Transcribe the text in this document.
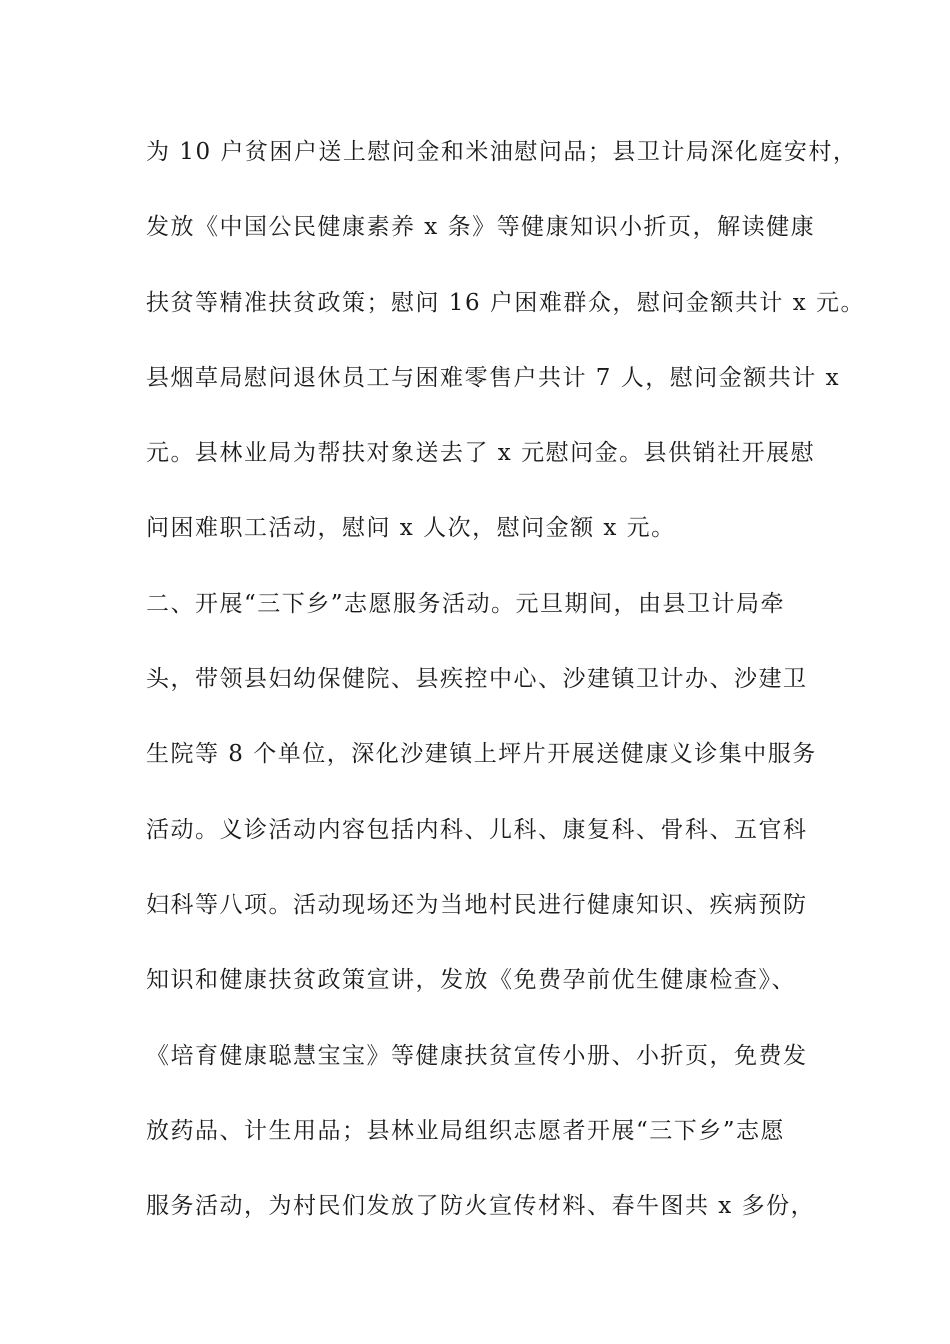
为 10 户贫困户送上慰问金和米油慰问品；县卫计局深化庭安村，
发放《中国公民健康素养 x 条》等健康知识小折页，解读健康
扶贫等精准扶贫政策；慰问 16 户困难群众，慰问金额共计 x 元。
县烟草局慰问退休员工与困难零售户共计 7 人，慰问金额共计 x
元。县林业局为帮扶对象送去了 x 元慰问金。县供销社开展慰
问困难职工活动，慰问 x 人次，慰问金额 x 元。
二、开展“三下乡”志愿服务活动。元旦期间，由县卫计局牵
头，带领县妇幼保健院、县疾控中心、沙建镇卫计办、沙建卫
生院等 8 个单位，深化沙建镇上坪片开展送健康义诊集中服务
活动。义诊活动内容包括内科、儿科、康复科、骨科、五官科
妇科等八项。活动现场还为当地村民进行健康知识、疾病预防
知识和健康扶贫政策宣讲，发放《免费孕前优生健康检查》、
《培育健康聪慧宝宝》等健康扶贫宣传小册、小折页，免费发
放药品、计生用品；县林业局组织志愿者开展“三下乡”志愿
服务活动，为村民们发放了防火宣传材料、春牛图共 x 多份，
